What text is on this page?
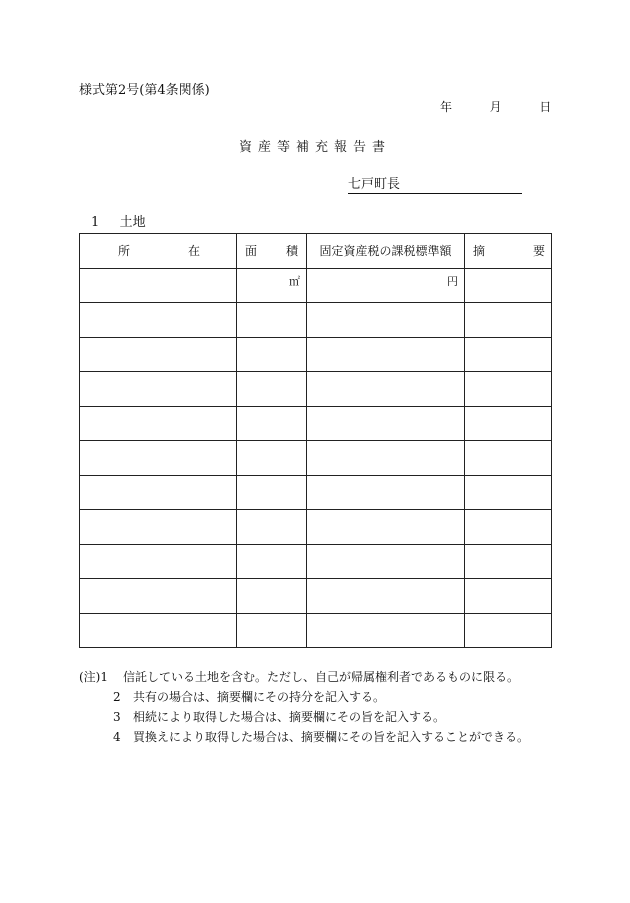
様式第2号(第4条関係)
年	月	日
資産等補充報告書
七戸町長
1 土地
所 在	面 積	固定資産税の課税標準額	摘 要

	㎡	円	

(注)1 信託している土地を含む。ただし、自己が帰属権利者であるものに限る。
2 共有の場合は、摘要欄にその持分を記入する。
3 相続により取得した場合は、摘要欄にその旨を記入する。
4 買換えにより取得した場合は、摘要欄にその旨を記入することができる。
